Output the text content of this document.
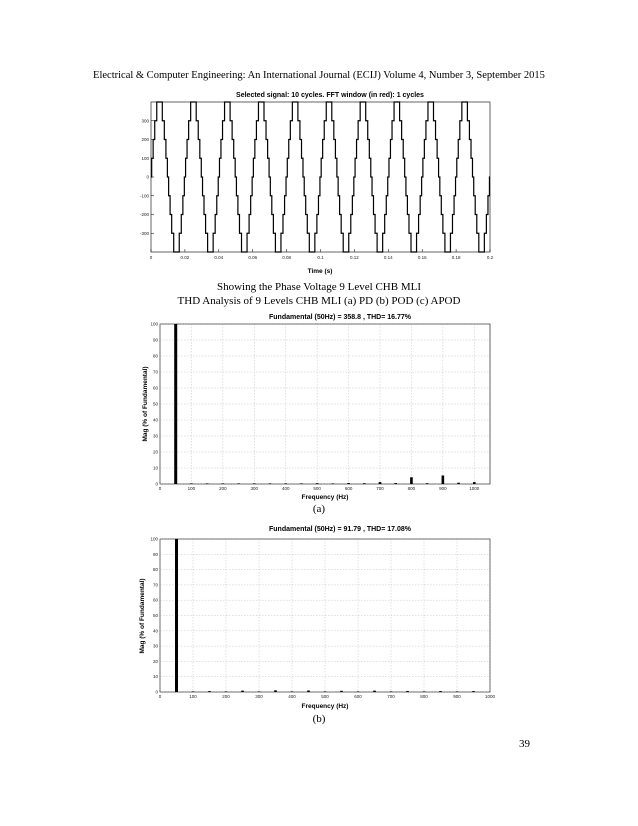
Electrical & Computer Engineering: An International Journal (ECIJ) Volume 4, Number 3, September 2015
Selected signal: 10 cycles. FFT window (in red): 1 cycles
0	0.02	0.04	0.06	0.08	0.1	0.12	0.14	0.16	0.18	0.2
300
200
100
0
-100
-200
-300
Time (s)
Showing the Phase Voltage 9 Level CHB MLI
THD Analysis of 9 Levels CHB MLI (a) PD (b) POD (c) APOD
Fundamental (50Hz) = 358.8 , THD= 16.77%
0	100	200	300	400	500	600	700	800	900	1000
100
90
80
70
60
50
40
30
20
10
0
Frequency (Hz)
Mag (% of Fundamental)
(a)
Fundamental (50Hz) = 91.79 , THD= 17.08%
0	100	200	300	400	500	600	700	800	900	1000
100
90
80
70
60
50
40
30
20
10
0
Frequency (Hz)
Mag (% of Fundamental)
(b)
39
